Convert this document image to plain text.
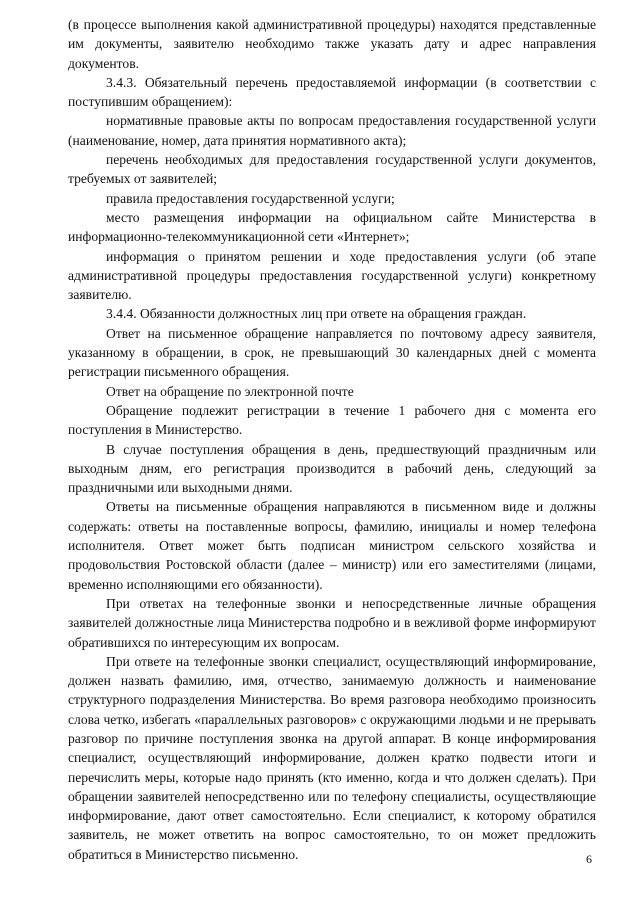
(в процессе выполнения какой административной процедуры) находятся представленные им документы, заявителю необходимо также указать дату и адрес направления документов.

3.4.3. Обязательный перечень предоставляемой информации (в соответствии с поступившим обращением):

нормативные правовые акты по вопросам предоставления государственной услуги (наименование, номер, дата принятия нормативного акта);

перечень необходимых для предоставления государственной услуги документов, требуемых от заявителей;

правила предоставления государственной услуги;

место размещения информации на официальном сайте Министерства в информационно-телекоммуникационной сети «Интернет»;

информация о принятом решении и ходе предоставления услуги (об этапе административной процедуры предоставления государственной услуги) конкретному заявителю.

3.4.4. Обязанности должностных лиц при ответе на обращения граждан.

Ответ на письменное обращение направляется по почтовому адресу заявителя, указанному в обращении, в срок, не превышающий 30 календарных дней с момента регистрации письменного обращения.

Ответ на обращение по электронной почте

Обращение подлежит регистрации в течение 1 рабочего дня с момента его поступления в Министерство.

В случае поступления обращения в день, предшествующий праздничным или выходным дням, его регистрация производится в рабочий день, следующий за праздничными или выходными днями.

Ответы на письменные обращения направляются в письменном виде и должны содержать: ответы на поставленные вопросы, фамилию, инициалы и номер телефона исполнителя. Ответ может быть подписан министром сельского хозяйства и продовольствия Ростовской области (далее – министр) или его заместителями (лицами, временно исполняющими его обязанности).

При ответах на телефонные звонки и непосредственные личные обращения заявителей должностные лица Министерства подробно и в вежливой форме информируют обратившихся по интересующим их вопросам.

При ответе на телефонные звонки специалист, осуществляющий информирование, должен назвать фамилию, имя, отчество, занимаемую должность и наименование структурного подразделения Министерства. Во время разговора необходимо произносить слова четко, избегать «параллельных разговоров» с окружающими людьми и не прерывать разговор по причине поступления звонка на другой аппарат. В конце информирования специалист, осуществляющий информирование, должен кратко подвести итоги и перечислить меры, которые надо принять (кто именно, когда и что должен сделать). При обращении заявителей непосредственно или по телефону специалисты, осуществляющие информирование, дают ответ самостоятельно. Если специалист, к которому обратился заявитель, не может ответить на вопрос самостоятельно, то он может предложить обратиться в Министерство письменно.	6
